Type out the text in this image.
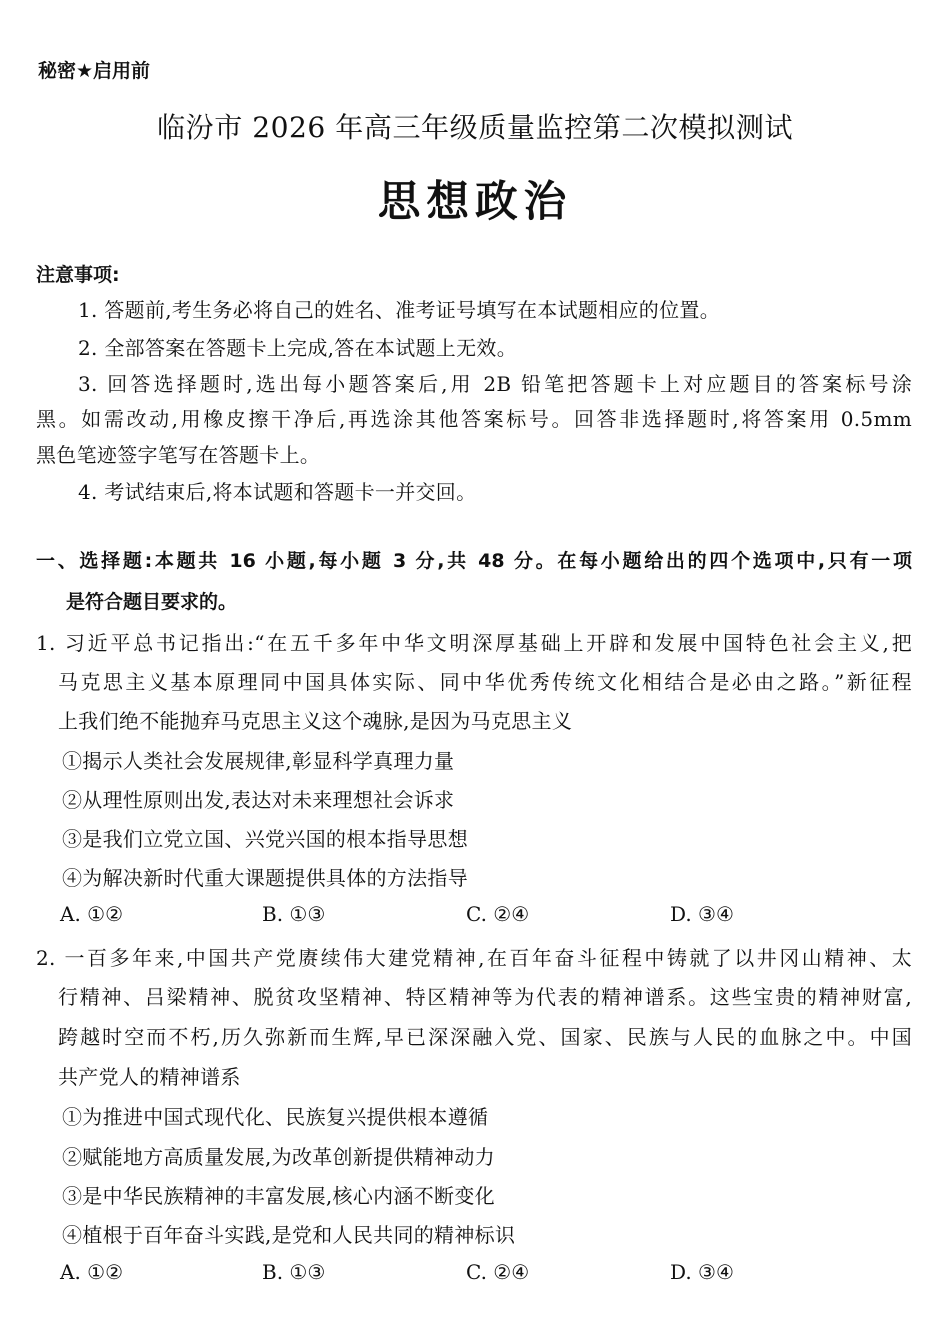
秘密★启用前
临汾市 2026 年高三年级质量监控第二次模拟测试
思想政治
注意事项:
1. 答题前,考生务必将自己的姓名、准考证号填写在本试题相应的位置。
2. 全部答案在答题卡上完成,答在本试题上无效。
3. 回答选择题时,选出每小题答案后,用 2B 铅笔把答题卡上对应题目的答案标号涂
黑。如需改动,用橡皮擦干净后,再选涂其他答案标号。回答非选择题时,将答案用 0.5mm
黑色笔迹签字笔写在答题卡上。
4. 考试结束后,将本试题和答题卡一并交回。
一、选择题:本题共 16 小题,每小题 3 分,共 48 分。在每小题给出的四个选项中,只有一项
是符合题目要求的。
1. 习近平总书记指出:“在五千多年中华文明深厚基础上开辟和发展中国特色社会主义,把
马克思主义基本原理同中国具体实际、同中华优秀传统文化相结合是必由之路。”新征程
上我们绝不能抛弃马克思主义这个魂脉,是因为马克思主义
①揭示人类社会发展规律,彰显科学真理力量
②从理性原则出发,表达对未来理想社会诉求
③是我们立党立国、兴党兴国的根本指导思想
④为解决新时代重大课题提供具体的方法指导
A. ①②	B. ①③	C. ②④	D. ③④
2. 一百多年来,中国共产党赓续伟大建党精神,在百年奋斗征程中铸就了以井冈山精神、太
行精神、吕梁精神、脱贫攻坚精神、特区精神等为代表的精神谱系。这些宝贵的精神财富,
跨越时空而不朽,历久弥新而生辉,早已深深融入党、国家、民族与人民的血脉之中。中国
共产党人的精神谱系
①为推进中国式现代化、民族复兴提供根本遵循
②赋能地方高质量发展,为改革创新提供精神动力
③是中华民族精神的丰富发展,核心内涵不断变化
④植根于百年奋斗实践,是党和人民共同的精神标识
A. ①②	B. ①③	C. ②④	D. ③④
